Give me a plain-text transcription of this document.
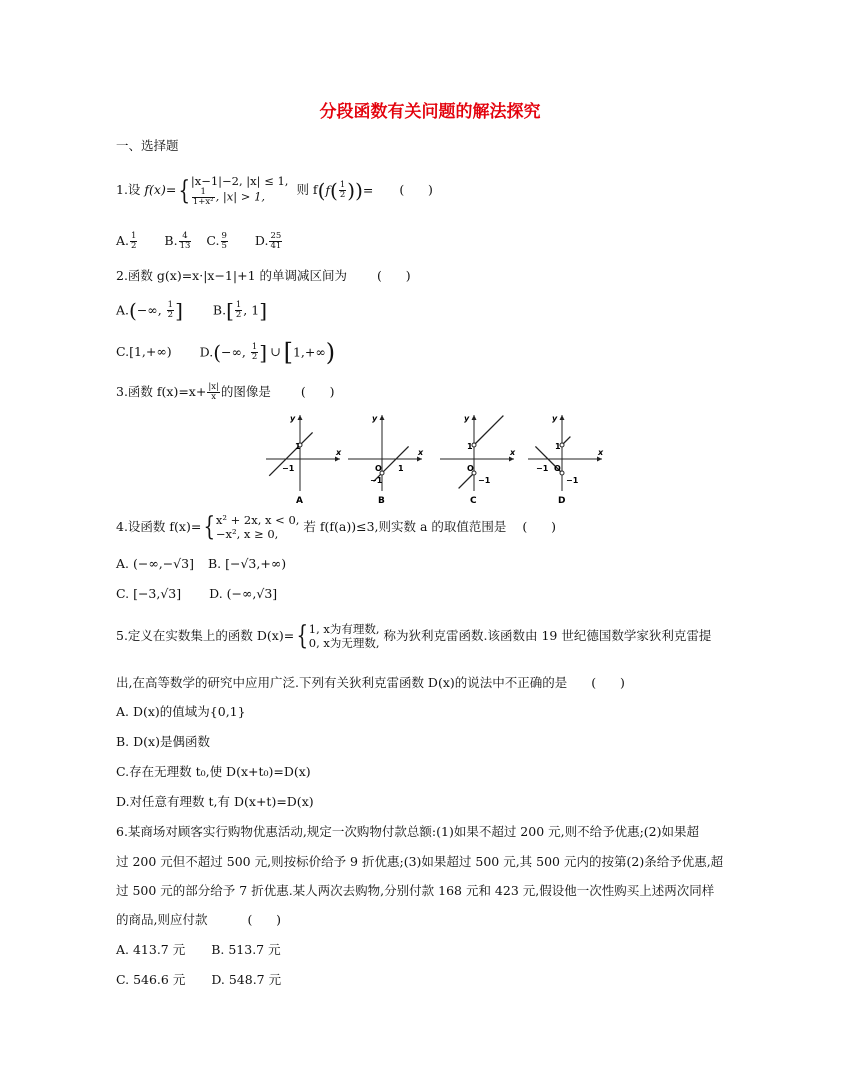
分段函数有关问题的解法探究
一、选择题
1.设 f(x)={ |x−1|−2, |x| ≤ 1,
$\frac{1}{\text{1+x²}}$ , |x| > 1,	则 $f(f( \frac{1}{2}$ ))= (      )
A. $\frac{1}{2} B$. $\frac{4}{13} C$. $\frac{9}{5} D$. $\frac{25}{41}$
2.函数 g(x)=x·|x−1|+1 的单调减区间为 (      )
A.(−∞, $\frac{1}{2}$ ] $B.[ \frac{1}{2}$ , 1]
C.[1,+∞) D.(−∞, $\frac{1}{2}$ ] ∪ [1,+∞)
3.函数 $f(x)=x+ \frac{|x|}{x}$ 的图像是 (      )
x
y
1
−1
A
x
y
O
−1
1
B
x
y
1
O
−1
C
x
y
1
−1 O
−1
D
4.设函数 f(x)={ x² + 2x, x < 0,
−x², x ≥ 0,
若 f(f(a))≤3,则实数 a 的取值范围是 (      )
A. (−∞,−√3] B. [−√3,+∞)
C. [−3,√3] D. (−∞,√3]
5.定义在实数集上的函数 D(x)={ 1, x为有理数,
0, x为无理数,
称为狄利克雷函数.该函数由 19 世纪德国数学家狄利克雷提
出,在高等数学的研究中应用广泛.下列有关狄利克雷函数 D(x)的说法中不正确的是 (      )
A. D(x)的值域为{0,1}
B. D(x)是偶函数
C.存在无理数 t₀,使 D(x+t₀)=D(x)
D.对任意有理数 t,有 D(x+t)=D(x)
6.某商场对顾客实行购物优惠活动,规定一次购物付款总额:(1)如果不超过 200 元,则不给予优惠;(2)如果超
过 200 元但不超过 500 元,则按标价给予 9 折优惠;(3)如果超过 500 元,其 500 元内的按第(2)条给予优惠,超
过 500 元的部分给予 7 折优惠.某人两次去购物,分别付款 168 元和 423 元,假设他一次性购买上述两次同样
的商品,则应付款	(      )
A. 413.7 元 B. 513.7 元
C. 546.6 元 D. 548.7 元
